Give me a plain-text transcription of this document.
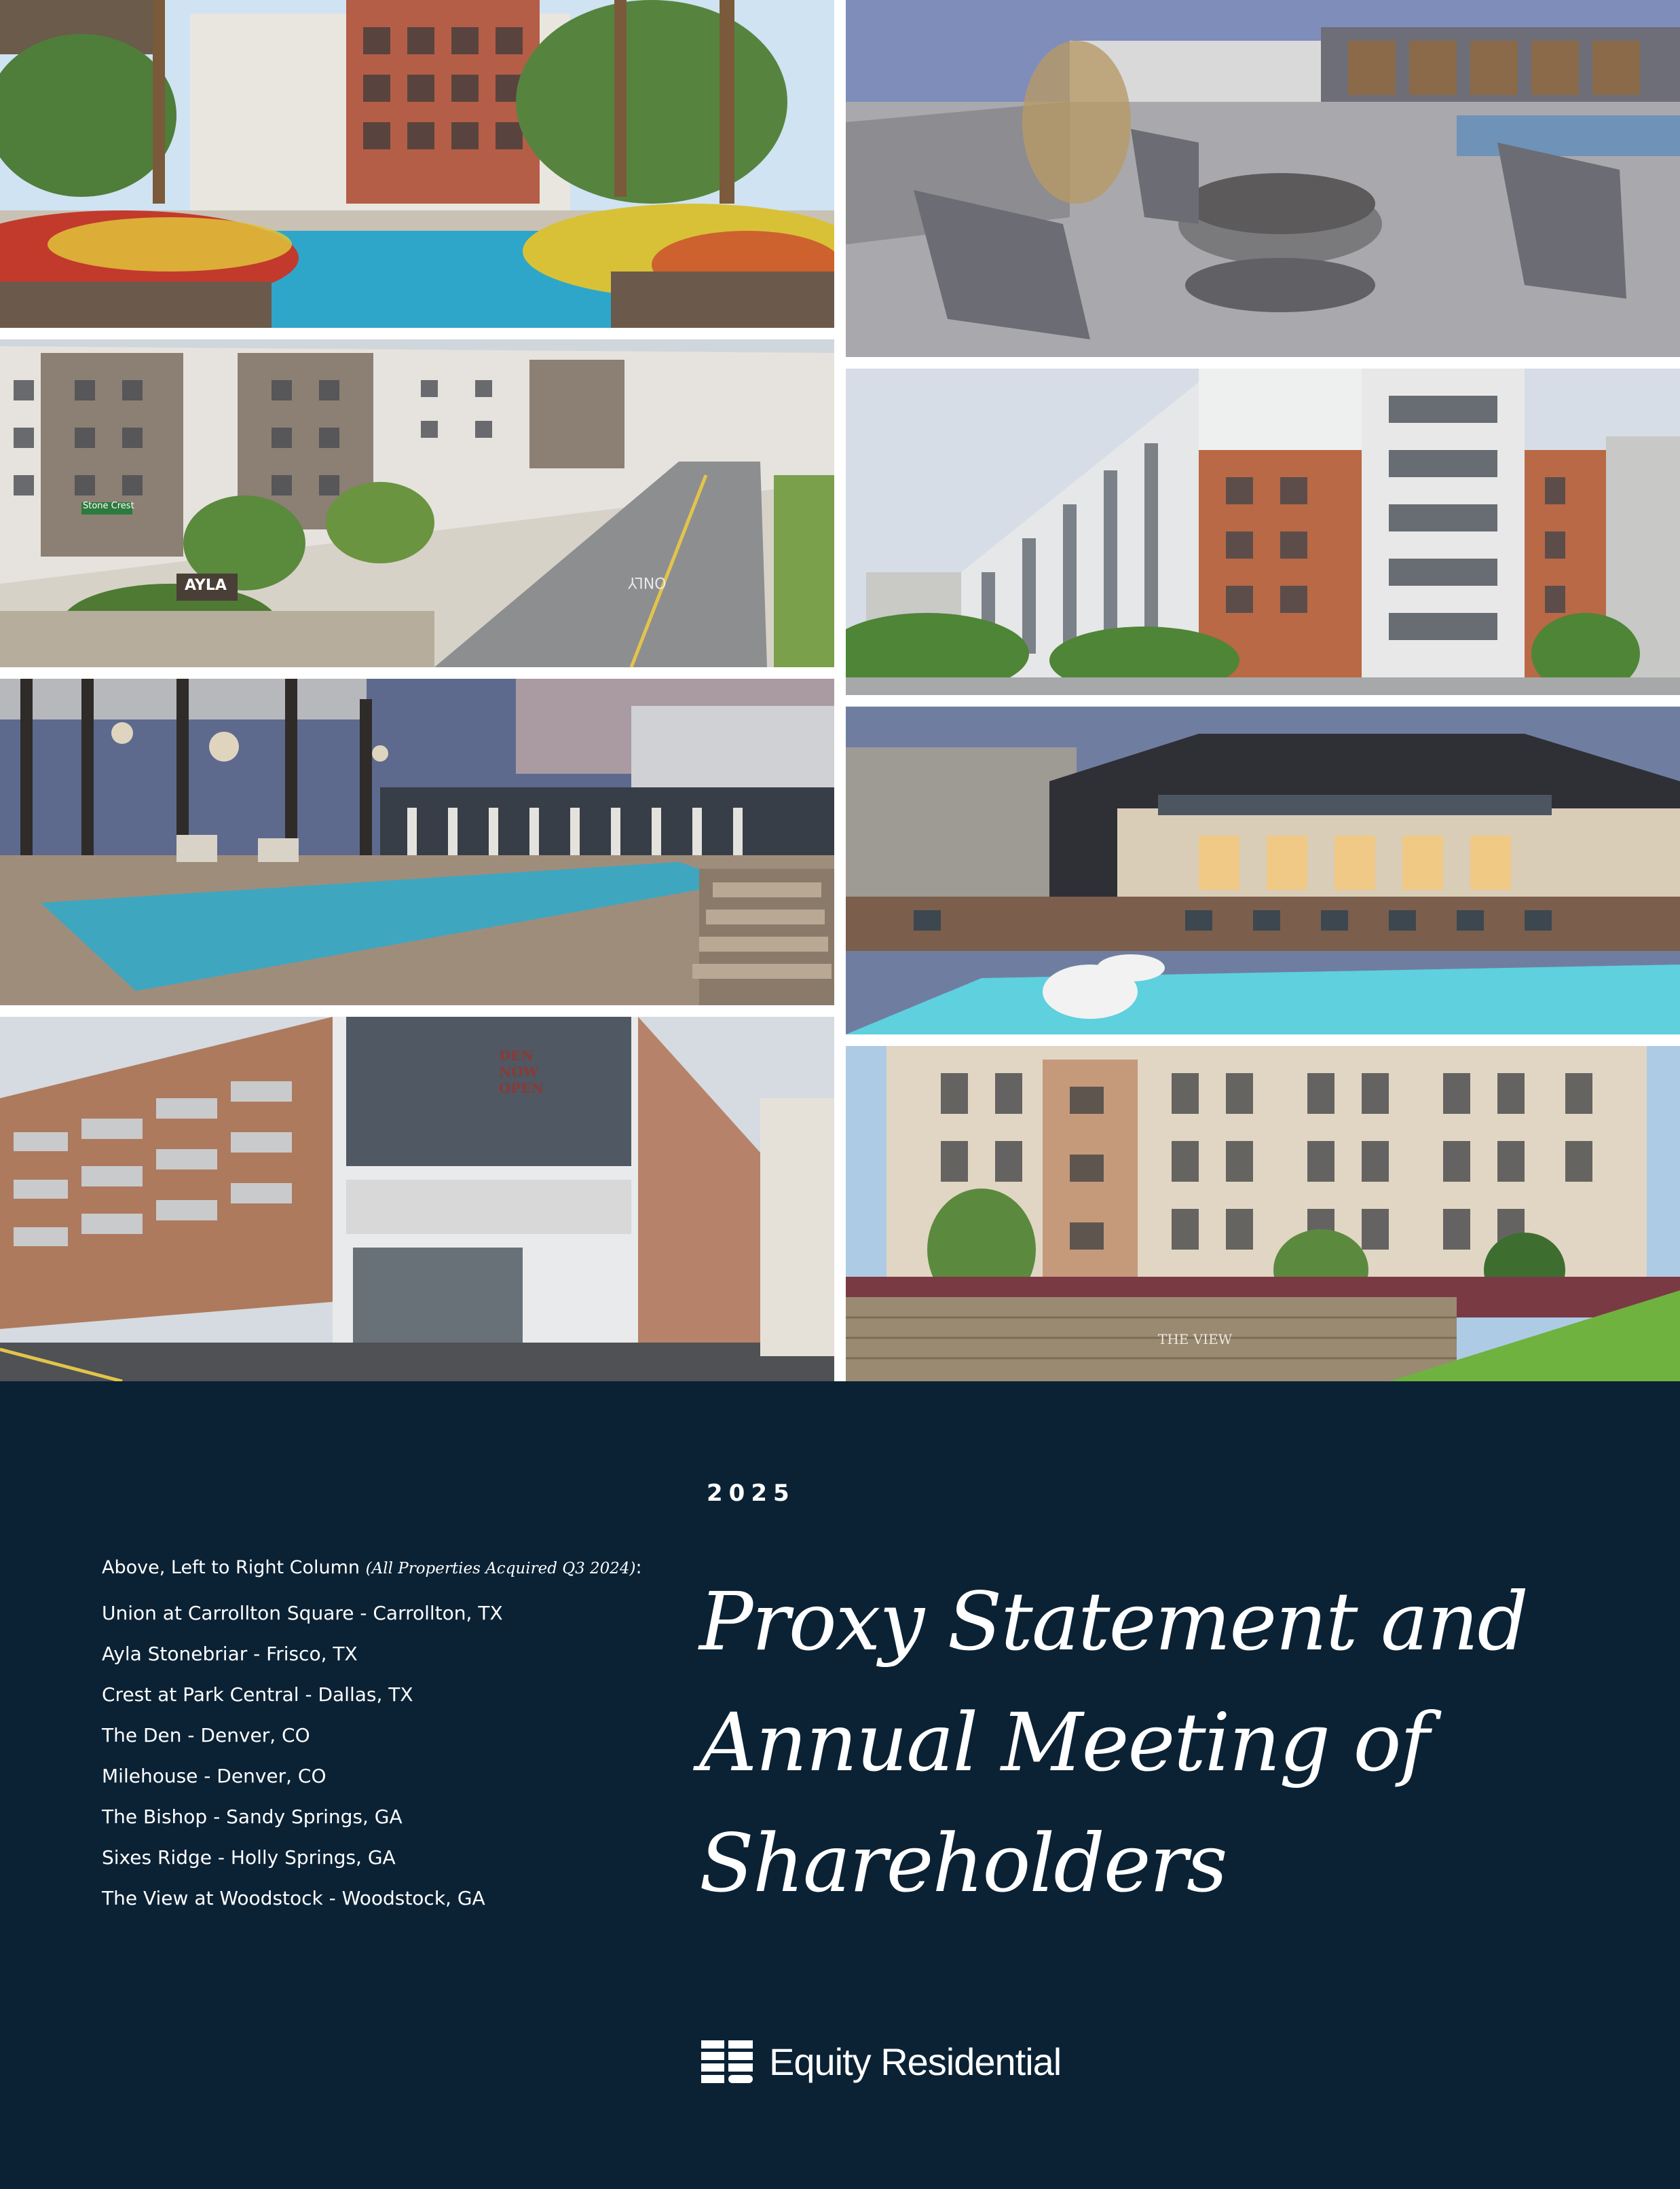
Stone Crest
AYLA	ONLY
DEN NOW OPEN
THE VIEW
2025
Above, Left to Right Column (All Properties Acquired Q3 2024):
Union at Carrollton Square - Carrollton, TX
Ayla Stonebriar - Frisco, TX
Crest at Park Central - Dallas, TX
The Den - Denver, CO
Milehouse - Denver, CO
The Bishop - Sandy Springs, GA
Sixes Ridge - Holly Springs, GA
The View at Woodstock - Woodstock, GA
Proxy Statement and
Annual Meeting of
Shareholders
Equity Residential
